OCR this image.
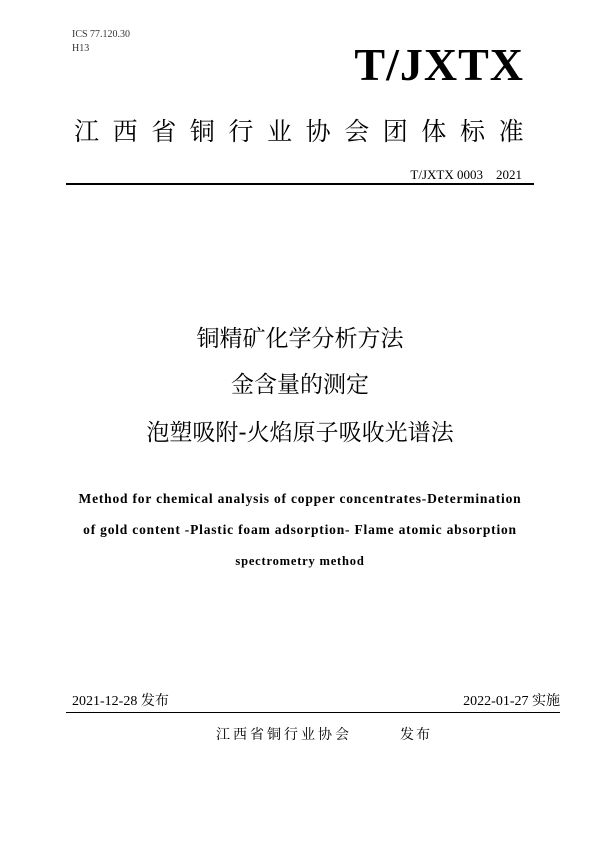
ICS 77.120.30
H13	T/JXTX
江西省铜行业协会团体标准
T/JXTX 0003　2021
铜精矿化学分析方法
金含量的测定
泡塑吸附-火焰原子吸收光谱法
Method for chemical analysis of copper concentrates-Determination
of gold content -Plastic foam adsorption- Flame atomic absorption
spectrometry method
2021-12-28 发布	2022-01-27 实施
江西省铜行业协会	发布
